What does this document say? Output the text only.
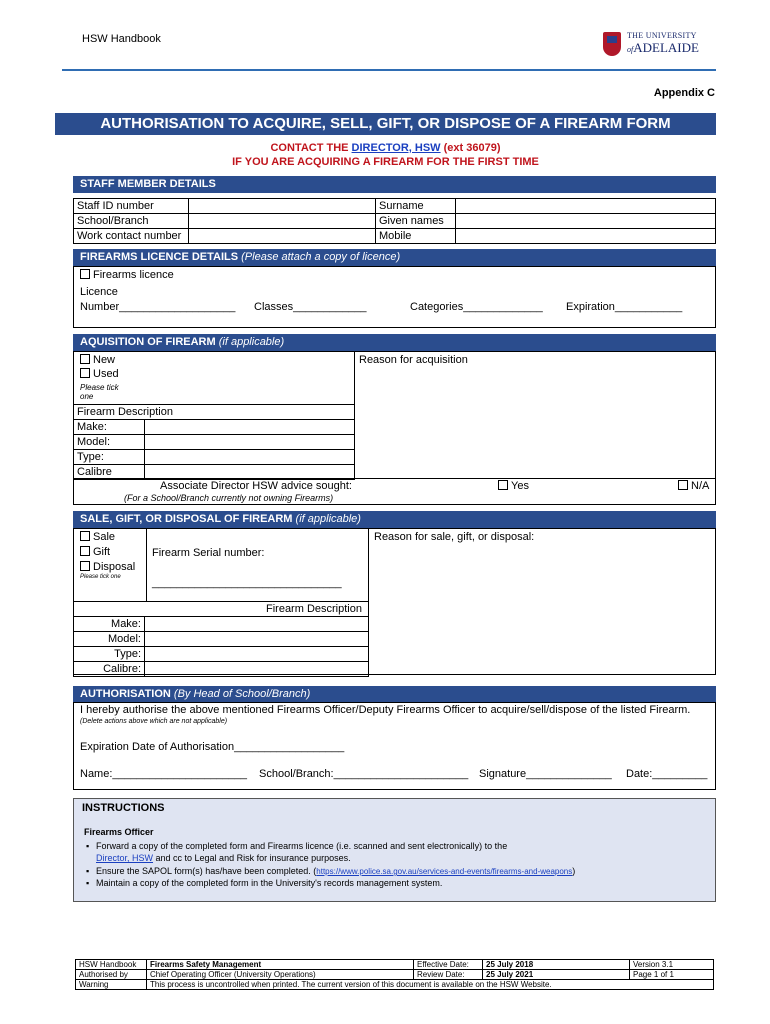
HSW Handbook	THE UNIVERSITY
ofADELAIDE
Appendix C
AUTHORISATION TO ACQUIRE, SELL, GIFT, OR DISPOSE OF A FIREARM FORM
CONTACT THE DIRECTOR, HSW (ext 36079)
IF YOU ARE ACQUIRING A FIREARM FOR THE FIRST TIME
STAFF MEMBER DETAILS
Staff ID number		Surname	
School/Branch		Given names	
Work contact number		Mobile	
FIREARMS LICENCE DETAILS (Please attach a copy of licence)
Firearms licence
Licence
Number___________________ Classes____________	Categories_____________ Expiration___________
AQUISITION OF FIREARM (if applicable)
New
Used
Please tick one
Reason for acquisition
Firearm Description	
Make:	
Model:	
Type:	
Calibre	
Associate Director HSW advice sought:
(For a School/Branch currently not owning Firearms)
Yes	N/A
SALE, GIFT, OR DISPOSAL OF FIREARM (if applicable)
Sale
Gift
Disposal
Please tick one
Firearm Serial number:
_______________________________
Reason for sale, gift, or disposal:
Firearm Description
Make:	
Model:	
Type:	
Calibre:	
AUTHORISATION (By Head of School/Branch)
I hereby authorise the above mentioned Firearms Officer/Deputy Firearms Officer to acquire/sell/dispose of the listed Firearm.
(Delete actions above which are not applicable)
Expiration Date of Authorisation__________________
Name:______________________ School/Branch:______________________ Signature______________ Date:_________
INSTRUCTIONS
Firearms Officer
▪ Forward a copy of the completed form and Firearms licence (i.e. scanned and sent electronically) to the
Director, HSW and cc to Legal and Risk for insurance purposes.
▪ Ensure the SAPOL form(s) has/have been completed. (https://www.police.sa.gov.au/services-and-events/firearms-and-weapons)
▪ Maintain a copy of the completed form in the University's records management system.
HSW Handbook	Firearms Safety Management	Effective Date:	25 July 2018	Version 3.1
Authorised by	Chief Operating Officer (University Operations)	Review Date:	25 July 2021	Page 1 of 1
Warning	This process is uncontrolled when printed. The current version of this document is available on the HSW Website.			
